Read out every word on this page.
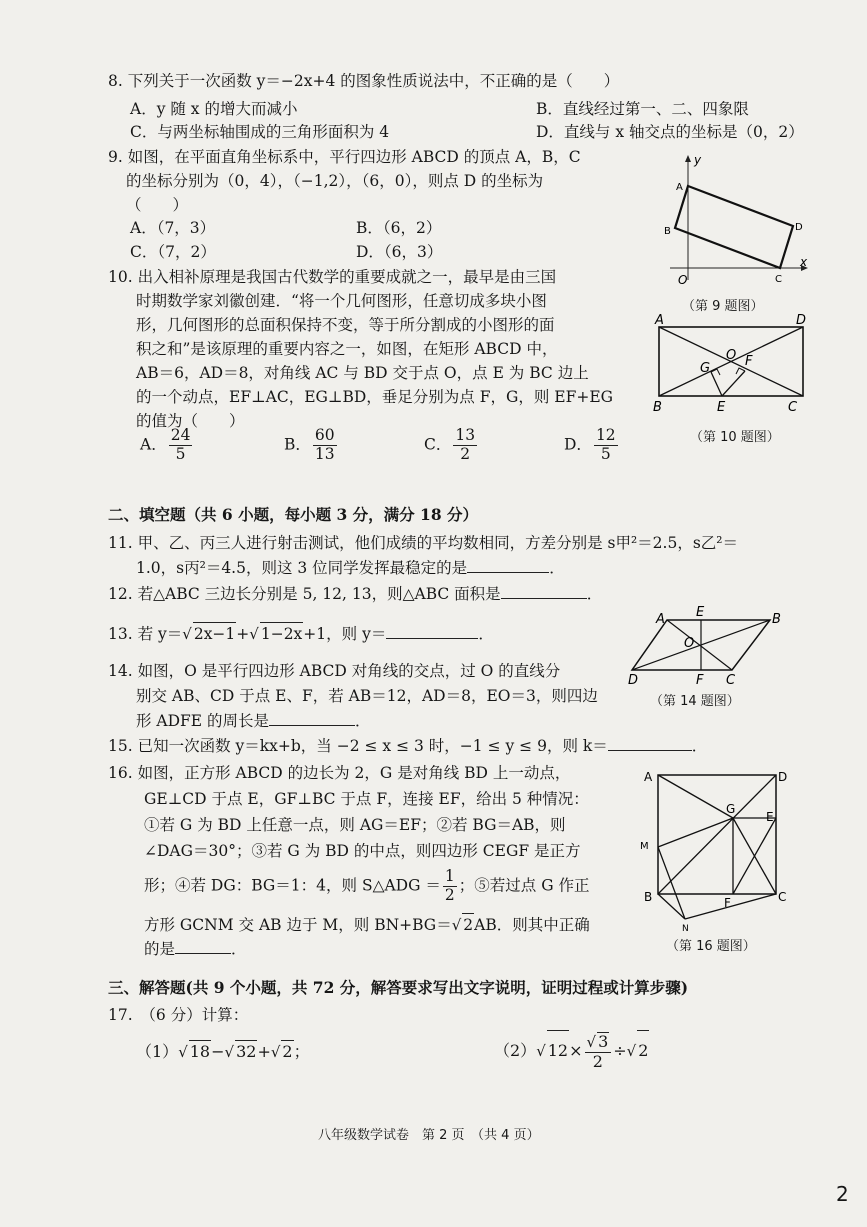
8. 下列关于一次函数 y＝−2x+4 的图象性质说法中，不正确的是（　　）
A．y 随 x 的增大而减小	B．直线经过第一、二、四象限
C．与两坐标轴围成的三角形面积为 4	D．直线与 x 轴交点的坐标是（0，2）
9. 如图，在平面直角坐标系中，平行四边形 ABCD 的顶点 A，B，C
的坐标分别为（0，4），（−1,2），（6，0），则点 D 的坐标为
（　　）
A．（7，3）	B．（6，2）
C．（7，2）	D．（6，3）
y
x
O
A
B
C
D
（第 9 题图）
10. 出入相补原理是我国古代数学的重要成就之一，最早是由三国
时期数学家刘徽创建．“将一个几何图形，任意切成多块小图
形，几何图形的总面积保持不变，等于所分割成的小图形的面
积之和”是该原理的重要内容之一，如图，在矩形 ABCD 中，
AB＝6，AD＝8，对角线 AC 与 BD 交于点 O，点 E 为 BC 边上
的一个动点，EF⊥AC，EG⊥BD，垂足分别为点 F，G，则 EF+EG
的值为（　　）
A． $\frac{24}{5}$	B． $\frac{60}{13}$	C． $\frac{13}{2}$	D． $\frac{12}{5}$
A
B	C
D
O
E
F
G
（第 10 题图）
二、填空题（共 6 小题，每小题 3 分，满分 18 分）
11. 甲、乙、丙三人进行射击测试，他们成绩的平均数相同，方差分别是 s甲²＝2.5，s乙²＝
1.0，s丙²＝4.5，则这 3 位同学发挥最稳定的是	．
12. 若△ABC 三边长分别是 5, 12, 13，则△ABC 面积是	．
13. 若 y＝√ 2x−1+√ 1−2x+1，则 y＝	．
14. 如图，O 是平行四边形 ABCD 对角线的交点，过 O 的直线分
别交 AB、CD 于点 E、F，若 AB＝12，AD＝8，EO＝3，则四边
形 ADFE 的周长是	．
A	B
C
D
E
F
O
（第 14 题图）
15. 已知一次函数 y＝kx+b，当 −2 ≤ x ≤ 3 时，−1 ≤ y ≤ 9，则 k＝	．
16. 如图，正方形 ABCD 的边长为 2，G 是对角线 BD 上一动点，
GE⊥CD 于点 E，GF⊥BC 于点 F，连接 EF，给出 5 种情况：
①若 G 为 BD 上任意一点，则 AG＝EF；②若 BG＝AB，则
∠DAG＝30°；③若 G 为 BD 的中点，则四边形 CEGF 是正方
形；④若 DG：BG＝1：4，则 S△ADG ＝ $\frac{1}{2}$ ；⑤若过点 G 作正
方形 GCNM 交 AB 边于 M，则 BN+BG＝√ 2AB．则其中正确
的是	．
A
B	C
D
E
F
G
M
N
（第 16 题图）
三、解答题(共 9 个小题，共 72 分，解答要求写出文字说明，证明过程或计算步骤)
17.　（6 分）计算：
（1）√ 18−√ 32+√ 2；	（2）√ $12\times \frac{√ 3}{2}$ ÷√ 2
八年级数学试卷　第 2 页　（共 4 页）
2
